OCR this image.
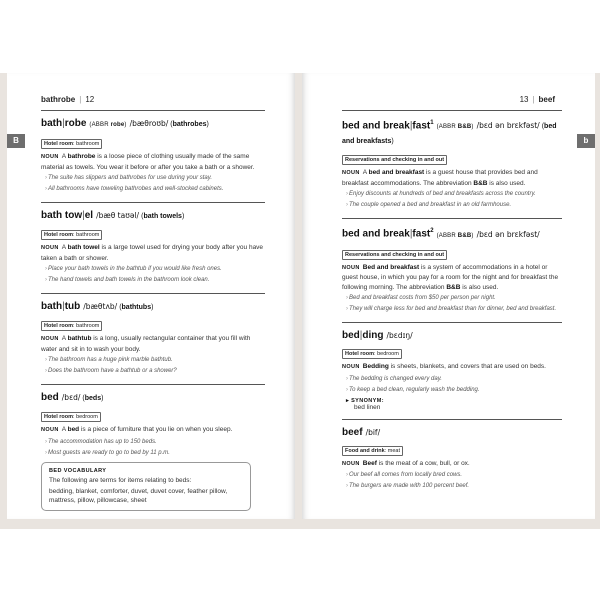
B
bathrobe | 12
bath|robe (ABBR robe) /bæθroʊb/ (bathrobes)
Hotel room: bathroom
NOUN A bathrobe is a loose piece of clothing usually made of the same material as towels. You wear it before or after you take a bath or a shower.
›The suite has slippers and bathrobes for use during your stay.
›All bathrooms have toweling bathrobes and well-stocked cabinets.
bath tow|el /bæθ taʊəl/ (bath towels)
Hotel room: bathroom
NOUN A bath towel is a large towel used for drying your body after you have taken a bath or shower.
›Place your bath towels in the bathtub if you would like fresh ones.
›The hand towels and bath towels in the bathroom look clean.
bath|tub /bæθtʌb/ (bathtubs)
Hotel room: bathroom
NOUN A bathtub is a long, usually rectangular container that you fill with water and sit in to wash your body.
›The bathroom has a huge pink marble bathtub.
›Does the bathroom have a bathtub or a shower?
bed /bɛd/ (beds)
Hotel room: bedroom
NOUN A bed is a piece of furniture that you lie on when you sleep.
›The accommodation has up to 150 beds.
›Most guests are ready to go to bed by 11 p.m.
BED VOCABULARY
The following are terms for items relating to beds:
bedding, blanket, comforter, duvet, duvet cover, feather pillow, mattress, pillow, pillowcase, sheet
b
13 | beef
bed and break|fast$^1$(ABBR B&B) /bɛd ən brɛkfəst/ (bed and breakfasts)
Reservations and checking in and out
NOUN A bed and breakfast is a guest house that provides bed and breakfast accommodations. The abbreviation B&B is also used.
›Enjoy discounts at hundreds of bed and breakfasts across the country.
›The couple opened a bed and breakfast in an old farmhouse.
bed and break|fast$^2$(ABBR B&B) /bɛd ən brɛkfəst/
Reservations and checking in and out
NOUN Bed and breakfast is a system of accommodations in a hotel or guest house, in which you pay for a room for the night and for breakfast the following morning. The abbreviation B&B is also used.
›Bed and breakfast costs from $50 per person per night.
›They will charge less for bed and breakfast than for dinner, bed and breakfast.
bed|ding /bɛdɪŋ/
Hotel room: bedroom
NOUN Bedding is sheets, blankets, and covers that are used on beds.
›The bedding is changed every day.
›To keep a bed clean, regularly wash the bedding.
▸ SYNONYM:
bed linen
beef /bif/
Food and drink: meat
NOUN Beef is the meat of a cow, bull, or ox.
›Our beef all comes from locally bred cows.
›The burgers are made with 100 percent beef.
